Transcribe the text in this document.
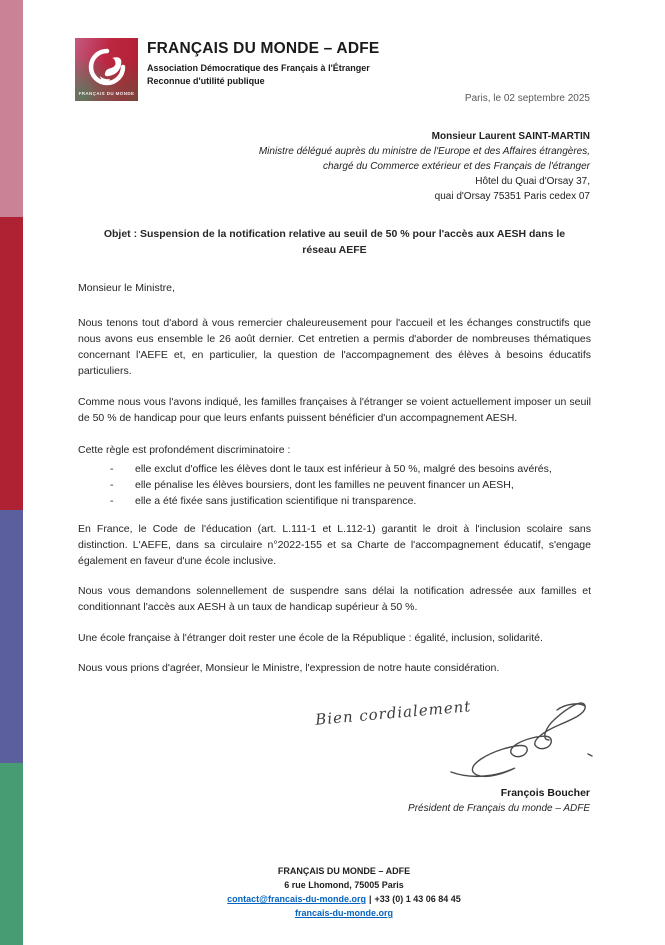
FRANÇAIS DU MONDE
FRANÇAIS DU MONDE – ADFE
Association Démocratique des Français à l'Étranger
Reconnue d'utilité publique
Paris, le 02 septembre 2025
Monsieur Laurent SAINT-MARTIN
Ministre délégué auprès du ministre de l'Europe et des Affaires étrangères,
chargé du Commerce extérieur et des Français de l'étranger
Hôtel du Quai d'Orsay 37,
quai d'Orsay 75351 Paris cedex 07

Objet : Suspension de la notification relative au seuil de 50 % pour l'accès aux AESH dans le réseau AEFE

Monsieur le Ministre,

Nous tenons tout d'abord à vous remercier chaleureusement pour l'accueil et les échanges constructifs que nous avons eus ensemble le 26 août dernier. Cet entretien a permis d'aborder de nombreuses thématiques concernant l'AEFE et, en particulier, la question de l'accompagnement des élèves à besoins éducatifs particuliers.

Comme nous vous l'avons indiqué, les familles françaises à l'étranger se voient actuellement imposer un seuil de 50 % de handicap pour que leurs enfants puissent bénéficier d'un accompagnement AESH.

Cette règle est profondément discriminatoire :

-	elle exclut d'office les élèves dont le taux est inférieur à 50 %, malgré des besoins avérés,
-	elle pénalise les élèves boursiers, dont les familles ne peuvent financer un AESH,
-	elle a été fixée sans justification scientifique ni transparence.

En France, le Code de l'éducation (art. L.111-1 et L.112-1) garantit le droit à l'inclusion scolaire sans distinction. L'AEFE, dans sa circulaire n°2022-155 et sa Charte de l'accompagnement éducatif, s'engage également en faveur d'une école inclusive.

Nous vous demandons solennellement de suspendre sans délai la notification adressée aux familles et conditionnant l'accès aux AESH à un taux de handicap supérieur à 50 %.

Une école française à l'étranger doit rester une école de la République : égalité, inclusion, solidarité.

Nous vous prions d'agréer, Monsieur le Ministre, l'expression de notre haute considération.

Bien cordialement
François Boucher
Président de Français du monde – ADFE
FRANÇAIS DU MONDE – ADFE
6 rue Lhomond, 75005 Paris
contact@francais-du-monde.org | +33 (0) 1 43 06 84 45
francais-du-monde.org
